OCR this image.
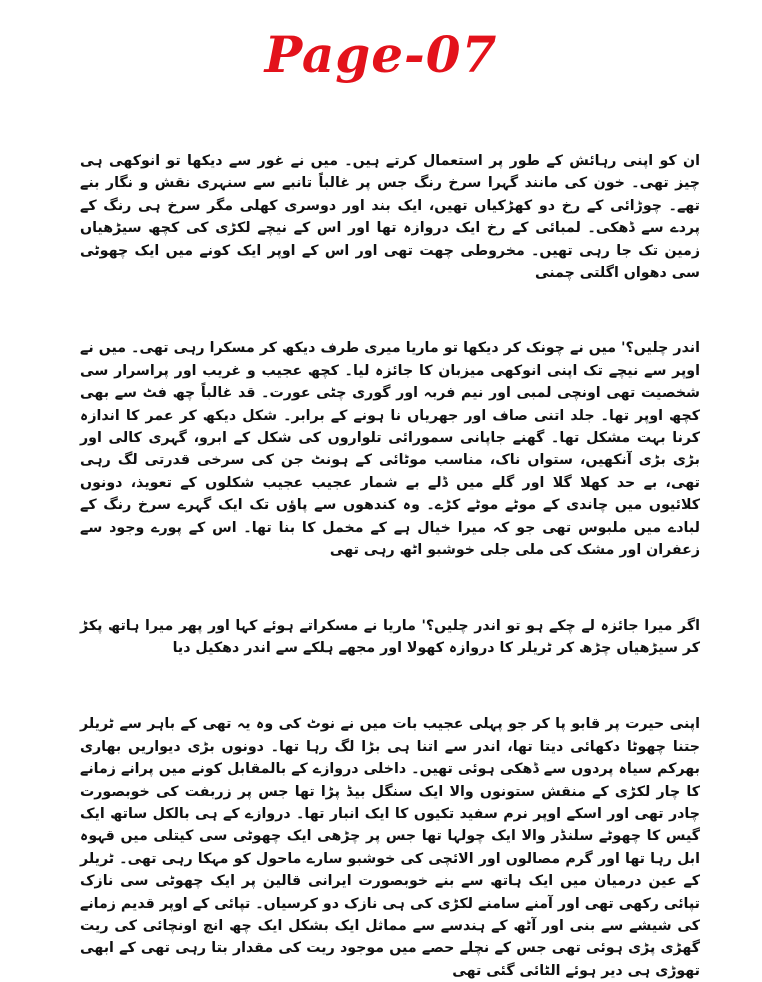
Page-07

ان کو اپنی رہائش کے طور پر استعمال کرتے ہیں۔ میں نے غور سے دیکھا تو انوکھی ہی چیز تھی۔ خون کی مانند گہرا سرخ رنگ جس پر غالباً تانبے سے سنہری نقش و نگار بنے تھے۔ چوڑائی کے رخ دو کھڑکیاں تھیں، ایک بند اور دوسری کھلی مگر سرخ ہی رنگ کے پردے سے ڈھکی۔ لمبائی کے رخ ایک دروازہ تھا اور اس کے نیچے لکڑی کی کچھ سیڑھیاں زمین تک جا رہی تھیں۔ مخروطی چھت تھی اور اس کے اوپر ایک کونے میں ایک چھوٹی سی دھواں اگلتی چمنی

اندر چلیں؟' میں نے چونک کر دیکھا تو ماریا میری طرف دیکھ کر مسکرا رہی تھی۔ میں نے اوپر سے نیچے تک اپنی انوکھی میزبان کا جائزہ لیا۔ کچھ عجیب و غریب اور پراسرار سی شخصیت تھی اونچی لمبی اور نیم فربہ اور گوری چٹی عورت۔ قد غالباً چھ فٹ سے بھی کچھ اوپر تھا۔ جلد اتنی صاف اور جھریاں نا ہونے کے برابر۔ شکل دیکھ کر عمر کا اندازہ کرنا بہت مشکل تھا۔ گھنے جاپانی سمورائی تلواروں کی شکل کے ابرو، گہری کالی اور بڑی بڑی آنکھیں، ستواں ناک، مناسب موٹائی کے ہونٹ جن کی سرخی قدرتی لگ رہی تھی، بے حد کھلا گلا اور گلے میں ڈلے بے شمار عجیب عجیب شکلوں کے تعویذ، دونوں کلائیوں میں چاندی کے موٹے موٹے کڑے۔ وہ کندھوں سے پاؤں تک ایک گہرے سرخ رنگ کے لبادے میں ملبوس تھی جو کہ میرا خیال ہے کے مخمل کا بنا تھا۔ اس کے پورے وجود سے زعفران اور مشک کی ملی جلی خوشبو اٹھ رہی تھی

اگر میرا جائزہ لے چکے ہو تو اندر چلیں؟' ماریا نے مسکراتے ہوئے کہا اور پھر میرا ہاتھ پکڑ کر سیڑھیاں چڑھ کر ٹریلر کا دروازہ کھولا اور مجھے ہلکے سے اندر دھکیل دیا

اپنی حیرت پر قابو پا کر جو پہلی عجیب بات میں نے نوٹ کی وہ یہ تھی کے باہر سے ٹریلر جتنا چھوٹا دکھائی دیتا تھا، اندر سے اتنا ہی بڑا لگ رہا تھا۔ دونوں بڑی دیواریں بھاری بھرکم سیاہ پردوں سے ڈھکی ہوئی تھیں۔ داخلی دروازے کے بالمقابل کونے میں پرانے زمانے کا چار لکڑی کے منقش ستونوں والا ایک سنگل بیڈ پڑا تھا جس پر زربفت کی خوبصورت چادر تھی اور اسکے اوپر نرم سفید تکیوں کا ایک انبار تھا۔ دروازے کے ہی بالکل ساتھ ایک گیس کا چھوٹے سلنڈر والا ایک چولہا تھا جس پر چڑھی ایک چھوٹی سی کیتلی میں قہوہ ابل رہا تھا اور گرم مصالوں اور الائچی کی خوشبو سارے ماحول کو مہکا رہی تھی۔ ٹریلر کے عین درمیان میں ایک ہاتھ سے بنے خوبصورت ایرانی قالین پر ایک چھوٹی سی نازک تپائی رکھی تھی اور آمنے سامنے لکڑی کی ہی نازک دو کرسیاں۔ تپائی کے اوپر قدیم زمانے کی شیشے سے بنی اور آٹھ کے ہندسے سے مماثل ایک بشکل ایک چھ انچ اونچائی کی ریت گھڑی پڑی ہوئی تھی جس کے نچلے حصے میں موجود ریت کی مقدار بتا رہی تھی کے ابھی تھوڑی ہی دیر ہوئے الٹائی گئی تھی
